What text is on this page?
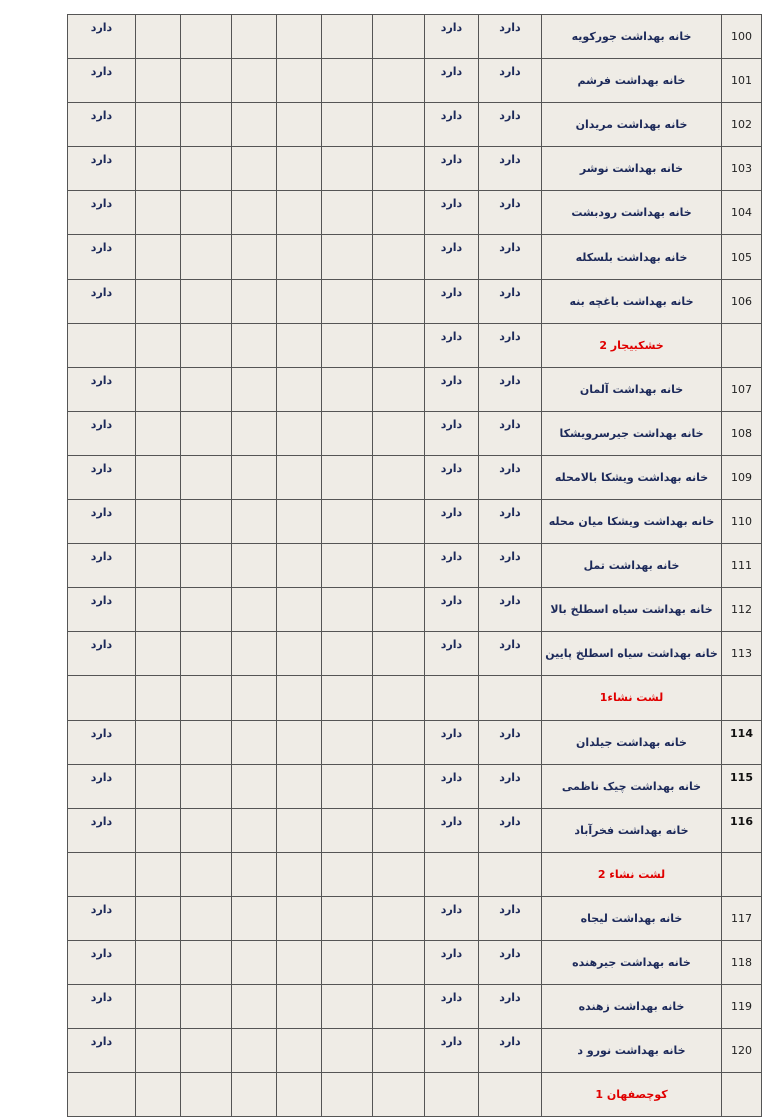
دارد							دارد	دارد	خانه بهداشت جورکویه	100
دارد							دارد	دارد	خانه بهداشت فرشم	101
دارد							دارد	دارد	خانه بهداشت مریدان	102
دارد							دارد	دارد	خانه بهداشت نوشر	103
دارد							دارد	دارد	خانه بهداشت رودبشت	104
دارد							دارد	دارد	خانه بهداشت بلسکله	105
دارد							دارد	دارد	خانه بهداشت باغچه بنه	106
							دارد	دارد	خشکبیجار 2	
دارد							دارد	دارد	خانه بهداشت آلمان	107
دارد							دارد	دارد	خانه بهداشت جیرسرویشکا	108
دارد							دارد	دارد	خانه بهداشت ویشکا بالامحله	109
دارد							دارد	دارد	خانه بهداشت ویشکا میان محله	110
دارد							دارد	دارد	خانه بهداشت تمل	111
دارد							دارد	دارد	خانه بهداشت سیاه اسطلخ بالا	112
دارد							دارد	دارد	خانه بهداشت سیاه اسطلخ پایین	113
									لشت نشاء1	
دارد							دارد	دارد	خانه بهداشت جیلدان	114
دارد							دارد	دارد	خانه بهداشت چیک ناظمی	115
دارد							دارد	دارد	خانه بهداشت فخرآباد	116
									لشت نشاء 2	
دارد							دارد	دارد	خانه بهداشت لیجاه	117
دارد							دارد	دارد	خانه بهداشت جیرهنده	118
دارد							دارد	دارد	خانه بهداشت زهنده	119
دارد							دارد	دارد	خانه بهداشت نورو د	120
									کوچصفهان 1	
